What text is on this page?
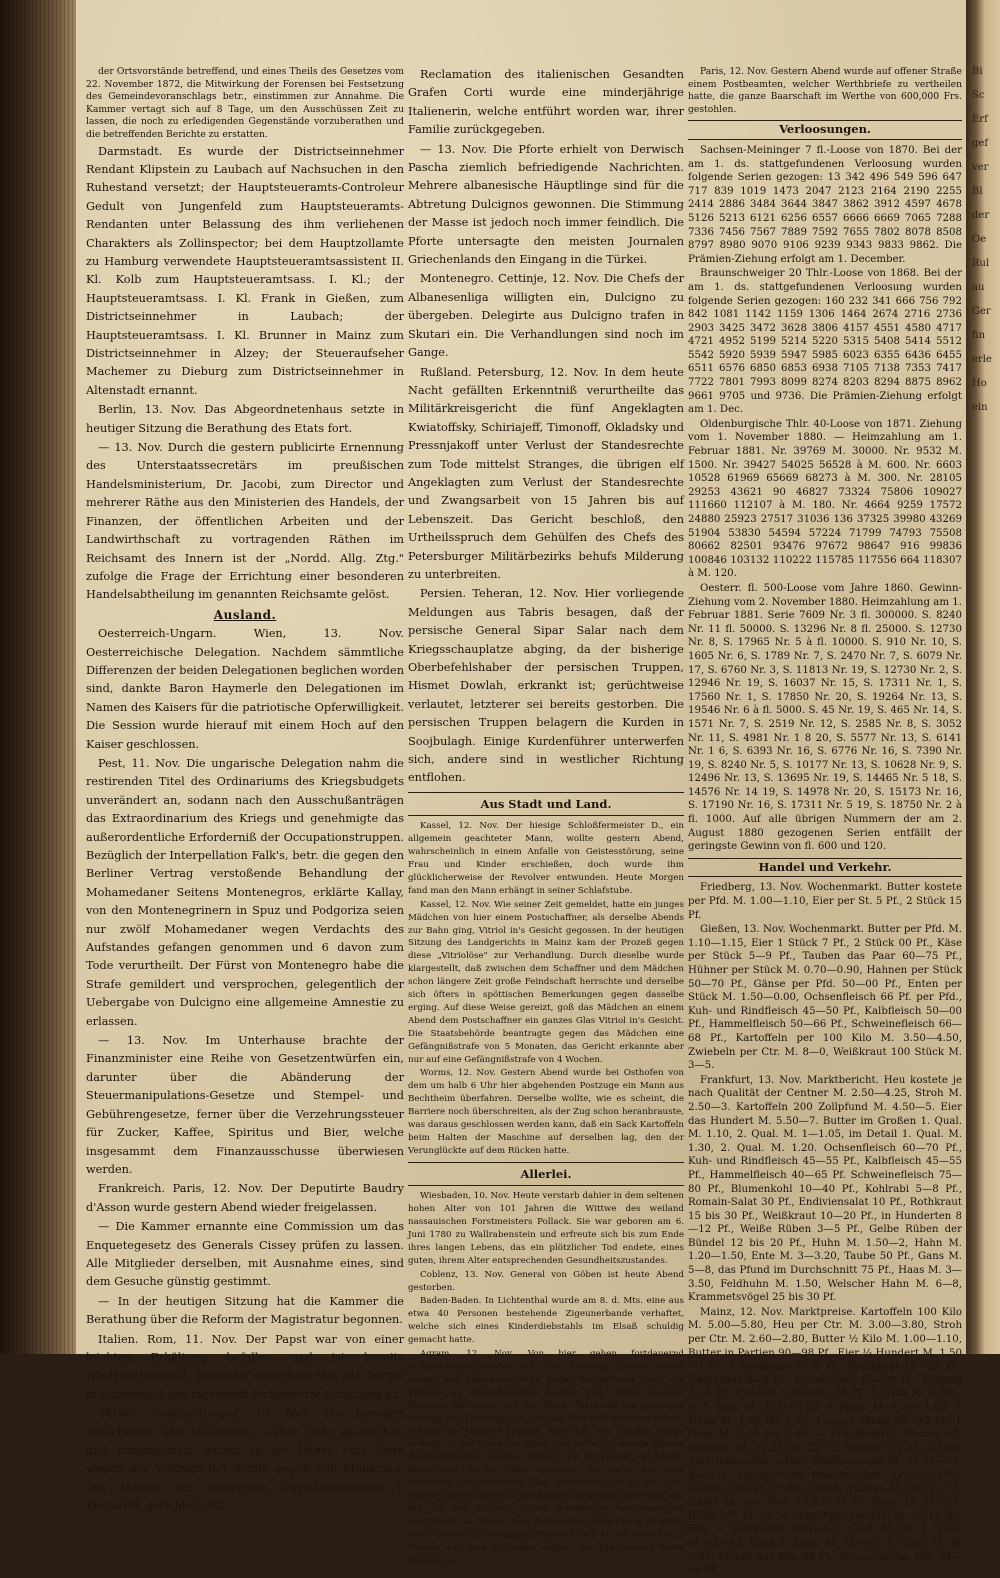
der Ortsvorstände betreffend, und eines Theils des Gesetzes vom 22. November 1872, die Mitwirkung der Forensen bei Festsetzung des Gemeindevoranschlags betr., einstimmen zur Annahme. Die Kammer vertagt sich auf 8 Tage, um den Ausschüssen Zeit zu lassen, die noch zu erledigenden Gegenstände vorzuberathen und die betreffenden Berichte zu erstatten.

Darmstadt. Es wurde der Districtseinnehmer Rendant Klipstein zu Laubach auf Nachsuchen in den Ruhestand versetzt; der Hauptsteueramts-Controleur Gedult von Jungenfeld zum Hauptsteueramts-Rendanten unter Belassung des ihm verliehenen Charakters als Zollinspector; bei dem Hauptzollamte zu Hamburg verwendete Hauptsteueramtsassistent II. Kl. Kolb zum Hauptsteueramtsass. I. Kl.; der Hauptsteueramtsass. I. Kl. Frank in Gießen, zum Districtseinnehmer in Laubach; der Hauptsteueramtsass. I. Kl. Brunner in Mainz zum Districtseinnehmer in Alzey; der Steueraufseher Machemer zu Dieburg zum Districtseinnehmer in Altenstadt ernannt.

Berlin, 13. Nov. Das Abgeordnetenhaus setzte in heutiger Sitzung die Berathung des Etats fort.

— 13. Nov. Durch die gestern publicirte Ernennung des Unterstaatssecretärs im preußischen Handelsministerium, Dr. Jacobi, zum Director und mehrerer Räthe aus den Ministerien des Handels, der Finanzen, der öffentlichen Arbeiten und der Landwirthschaft zu vortragenden Räthen im Reichsamt des Innern ist der „Nordd. Allg. Ztg." zufolge die Frage der Errichtung einer besonderen Handelsabtheilung im genannten Reichsamte gelöst.

Ausland.

Oesterreich-Ungarn. Wien, 13. Nov. Oesterreichische Delegation. Nachdem sämmtliche Differenzen der beiden Delegationen beglichen worden sind, dankte Baron Haymerle den Delegationen im Namen des Kaisers für die patriotische Opferwilligkeit. Die Session wurde hierauf mit einem Hoch auf den Kaiser geschlossen.

Pest, 11. Nov. Die ungarische Delegation nahm die restirenden Titel des Ordinariums des Kriegsbudgets unverändert an, sodann nach den Ausschußanträgen das Extraordinarium des Kriegs und genehmigte das außerordentliche Erforderniß der Occupationstruppen. Bezüglich der Interpellation Falk's, betr. die gegen den Berliner Vertrag verstoßende Behandlung der Mohamedaner Seitens Montenegros, erklärte Kallay, von den Montenegrinern in Spuz und Podgoriza seien nur zwölf Mohamedaner wegen Verdachts des Aufstandes gefangen genommen und 6 davon zum Tode verurtheilt. Der Fürst von Montenegro habe die Strafe gemildert und versprochen, gelegentlich der Uebergabe von Dulcigno eine allgemeine Amnestie zu erlassen.

— 13. Nov. Im Unterhause brachte der Finanzminister eine Reihe von Gesetzentwürfen ein, darunter über die Abänderung der Steuermanipulations-Gesetze und Stempel- und Gebührengesetze, ferner über die Verzehrungssteuer für Zucker, Kaffee, Spiritus und Bier, welche insgesammt dem Finanzausschusse überwiesen werden.

Frankreich. Paris, 12. Nov. Der Deputirte Baudry d'Asson wurde gestern Abend wieder freigelassen.

— Die Kammer ernannte eine Commission um das Enquetegesetz des Generals Cissey prüfen zu lassen. Alle Mitglieder derselben, mit Ausnahme eines, sind dem Gesuche günstig gestimmt.

— In der heutigen Sitzung hat die Kammer die Berathung über die Reform der Magistratur begonnen.

Italien. Rom, 11. Nov. Der Papst war von einer leichten Erkältung befallen und ist bereits wiederhergestellt. Indessen empfehlen ihm die Aerzte in Anbetracht der Jahreszeit fortgesetzte Schonung an.

Türkei. Constantinopel, 13. Nov. Die hiesigen Botschafter und Gesandten, außer dem spanischen und rumänischen, haben an die Pforte eine Note wegen des Vollzugs der Strafe gegen Veli Mohamed, den Mörder des russischen Oberstlieutenants v. Komaroff, gerichtet. Auf

Reclamation des italienischen Gesandten Grafen Corti wurde eine minderjährige Italienerin, welche entführt worden war, ihrer Familie zurückgegeben.

— 13. Nov. Die Pforte erhielt von Derwisch Pascha ziemlich befriedigende Nachrichten. Mehrere albanesische Häuptlinge sind für die Abtretung Dulcignos gewonnen. Die Stimmung der Masse ist jedoch noch immer feindlich. Die Pforte untersagte den meisten Journalen Griechenlands den Eingang in die Türkei.

Montenegro. Cettinje, 12. Nov. Die Chefs der Albanesenliga willigten ein, Dulcigno zu übergeben. Delegirte aus Dulcigno trafen in Skutari ein. Die Verhandlungen sind noch im Gange.

Rußland. Petersburg, 12. Nov. In dem heute Nacht gefällten Erkenntniß verurtheilte das Militärkreisgericht die fünf Angeklagten Kwiatoffsky, Schiriajeff, Timonoff, Okladsky und Pressnjakoff unter Verlust der Standesrechte zum Tode mittelst Stranges, die übrigen elf Angeklagten zum Verlust der Standesrechte und Zwangsarbeit von 15 Jahren bis auf Lebenszeit. Das Gericht beschloß, den Urtheilsspruch dem Gehülfen des Chefs des Petersburger Militärbezirks behufs Milderung zu unterbreiten.

Persien. Teheran, 12. Nov. Hier vorliegende Meldungen aus Tabris besagen, daß der persische General Sipar Salar nach dem Kriegsschauplatze abging, da der bisherige Oberbefehlshaber der persischen Truppen, Hismet Dowlah, erkrankt ist; gerüchtweise verlautet, letzterer sei bereits gestorben. Die persischen Truppen belagern die Kurden in Soojbulagh. Einige Kurdenführer unterwerfen sich, andere sind in westlicher Richtung entflohen.

Aus Stadt und Land.

Kassel, 12. Nov. Der hiesige Schloßfermeister D., ein allgemein geachteter Mann, wollte gestern Abend, wahrscheinlich in einem Anfalle von Geistesstörung, seine Frau und Kinder erschießen, doch wurde ihm glücklicherweise der Revolver entwunden. Heute Morgen fand man den Mann erhängt in seiner Schlafstube.

Kassel, 12. Nov. Wie seiner Zeit gemeldet, hatte ein junges Mädchen von hier einem Postschaffner, als derselbe Abends zur Bahn ging, Vitriol in's Gesicht gegossen. In der heutigen Sitzung des Landgerichts in Mainz kam der Prozeß gegen diese „Vitriolöse" zur Verhandlung. Durch dieselbe wurde klargestellt, daß zwischen dem Schaffner und dem Mädchen schon längere Zeit große Feindschaft herrschte und derselbe sich öfters in spöttischen Bemerkungen gegen dasselbe erging. Auf diese Weise gereizt, goß das Mädchen an einem Abend dem Postschaffner ein ganzes Glas Vitriol in's Gesicht. Die Staatsbehörde beantragte gegen das Mädchen eine Gefängnißstrafe von 5 Monaten, das Gericht erkannte aber nur auf eine Gefängnißstrafe von 4 Wochen.

Worms, 12. Nov. Gestern Abend wurde bei Osthofen von dem um halb 6 Uhr hier abgehenden Postzuge ein Mann aus Bechtheim überfahren. Derselbe wollte, wie es scheint, die Barriere noch überschreiten, als der Zug schon heranbrauste, was daraus geschlossen werden kann, daß ein Sack Kartoffeln beim Halten der Maschine auf derselben lag, den der Verunglückte auf dem Rücken hatte.

Allerlei.

Wiesbaden, 10. Nov. Heute verstarb dahier in dem seltenen hohen Alter von 101 Jahren die Wittwe des weiland nassauischen Forstmeisters Pollack. Sie war geboren am 6. Juni 1780 zu Wallrabenstein und erfreute sich bis zum Ende ihres langen Lebens, das ein plötzlicher Tod endete, eines guten, ihrem Alter entsprechenden Gesundheitszustandes.

Coblenz, 13. Nov. General von Göben ist heute Abend gestorben.

Baden-Baden. In Lichtenthal wurde am 8. d. Mts. eine aus etwa 40 Personen bestehende Zigeunerbande verhaftet, welche sich eines Kinderdiebstahls im Elsaß schuldig gemacht hatte.

Agram, 12. Nov. Von hier gehen fortdauernd Schreckensnachrichten ein. Die Erdstöße treten immer wieder auf, Häusereinstürze finden fortwährend statt, die Verluste an Menschenleben mehren sich. Ueber tausend Familien flüchteten aus der Stadt. Während der gestrigen Sitzung des Landtages, in der das Protokoll verlesen wurde, erfolgte der stärkste Erdstoß. Alles floh. Der Landtag wurde vertagt. In der Nähe der Stadt sind heiße, stinkende Wasser durchgebrochen, welche, ähnlich, wie die Geyser auf Island, klafterhoch in die Höhe springen. Die dabei aus dem Erdinnern ausgestoßenen Gase entzünden sich an der Luft. Warme Quellen treten in der ganzen Umgebung der Stadt auf. Bei Jan und Trebisco sollen lawinartige Ausströmungen stattfinden. In Sevete fand heute eine vulkanische Eruption statt. Dichtes, schlammiges Wasser schoß in der Höhe von 2 Metern aus dem Erdboden empor. Die Erscheinung hörte Mittags auf.

Paris, 12. Nov. Gestern Abend wurde auf offener Straße einem Postbeamten, welcher Werthbriefe zu vertheilen hatte, die ganze Baarschaft im Werthe von 600,000 Frs. gestohlen.

Verloosungen.

Sachsen-Meininger 7 fl.-Loose von 1870. Bei der am 1. ds. stattgefundenen Verloosung wurden folgende Serien gezogen: 13 342 496 549 596 647 717 839 1019 1473 2047 2123 2164 2190 2255 2414 2886 3484 3644 3847 3862 3912 4597 4678 5126 5213 6121 6256 6557 6666 6669 7065 7288 7336 7456 7567 7889 7592 7655 7802 8078 8508 8797 8980 9070 9106 9239 9343 9833 9862. Die Prämien-Ziehung erfolgt am 1. December.

Braunschweiger 20 Thlr.-Loose von 1868. Bei der am 1. ds. stattgefundenen Verloosung wurden folgende Serien gezogen: 160 232 341 666 756 792 842 1081 1142 1159 1306 1464 2674 2716 2736 2903 3425 3472 3628 3806 4157 4551 4580 4717 4721 4952 5199 5214 5220 5315 5408 5414 5512 5542 5920 5939 5947 5985 6023 6355 6436 6455 6511 6576 6850 6853 6938 7105 7138 7353 7417 7722 7801 7993 8099 8274 8203 8294 8875 8962 9661 9705 und 9736. Die Prämien-Ziehung erfolgt am 1. Dec.

Oldenburgische Thlr. 40-Loose von 1871. Ziehung vom 1. November 1880. — Heimzahlung am 1. Februar 1881. Nr. 39769 M. 30000. Nr. 9532 M. 1500. Nr. 39427 54025 56528 à M. 600. Nr. 6603 10528 61969 65669 68273 à M. 300. Nr. 28105 29253 43621 90 46827 73324 75806 109027 111660 112107 à M. 180. Nr. 4664 9259 17572 24880 25923 27517 31036 136 37325 39980 43269 51904 53830 54594 57224 71799 74793 75508 80662 82501 93476 97672 98647 916 99836 100846 103132 110222 115785 117556 664 118307 à M. 120.

Oesterr. fl. 500-Loose vom Jahre 1860. Gewinn-Ziehung vom 2. November 1880. Heimzahlung am 1. Februar 1881. Serie 7609 Nr. 3 fl. 300000. S. 8240 Nr. 11 fl. 50000. S. 13296 Nr. 8 fl. 25000. S. 12730 Nr. 8, S. 17965 Nr. 5 à fl. 10000. S. 910 Nr. 10, S. 1605 Nr. 6, S. 1789 Nr. 7, S. 2470 Nr. 7, S. 6079 Nr. 17, S. 6760 Nr. 3, S. 11813 Nr. 19, S. 12730 Nr. 2, S. 12946 Nr. 19, S. 16037 Nr. 15, S. 17311 Nr. 1, S. 17560 Nr. 1, S. 17850 Nr. 20, S. 19264 Nr. 13, S. 19546 Nr. 6 à fl. 5000. S. 45 Nr. 19, S. 465 Nr. 14, S. 1571 Nr. 7, S. 2519 Nr. 12, S. 2585 Nr. 8, S. 3052 Nr. 11, S. 4981 Nr. 1 8 20, S. 5577 Nr. 13, S. 6141 Nr. 1 6, S. 6393 Nr. 16, S. 6776 Nr. 16, S. 7390 Nr. 19, S. 8240 Nr. 5, S. 10177 Nr. 13, S. 10628 Nr. 9, S. 12496 Nr. 13, S. 13695 Nr. 19, S. 14465 Nr. 5 18, S. 14576 Nr. 14 19, S. 14978 Nr. 20, S. 15173 Nr. 16, S. 17190 Nr. 16, S. 17311 Nr. 5 19, S. 18750 Nr. 2 à fl. 1000. Auf alle übrigen Nummern der am 2. August 1880 gezogenen Serien entfällt der geringste Gewinn von fl. 600 und 120.

Handel und Verkehr.

Friedberg, 13. Nov. Wochenmarkt. Butter kostete per Pfd. M. 1.00—1.10, Eier per St. 5 Pf., 2 Stück 15 Pf.

Gießen, 13. Nov. Wochenmarkt. Butter per Pfd. M. 1.10—1.15, Eier 1 Stück 7 Pf., 2 Stück 00 Pf., Käse per Stück 5—9 Pf., Tauben das Paar 60—75 Pf., Hühner per Stück M. 0.70—0.90, Hahnen per Stück 50—70 Pf., Gänse per Pfd. 50—00 Pf., Enten per Stück M. 1.50—0.00, Ochsenfleisch 66 Pf. per Pfd., Kuh- und Rindfleisch 45—50 Pf., Kalbfleisch 50—00 Pf., Hammelfleisch 50—66 Pf., Schweinefleisch 66—68 Pf., Kartoffeln per 100 Kilo M. 3.50—4.50, Zwiebeln per Ctr. M. 8—0, Weißkraut 100 Stück M. 3—5.

Frankfurt, 13. Nov. Marktbericht. Heu kostete je nach Qualität der Centner M. 2.50—4.25, Stroh M. 2.50—3. Kartoffeln 200 Zollpfund M. 4.50—5. Eier das Hundert M. 5.50—7. Butter im Großen 1. Qual. M. 1.10, 2. Qual. M. 1—1.05, im Detail 1. Qual. M. 1.30, 2. Qual. M. 1.20. Ochsenfleisch 60—70 Pf., Kuh- und Rindfleisch 45—55 Pf., Kalbfleisch 45—55 Pf., Hammelfleisch 40—65 Pf. Schweinefleisch 75—80 Pf., Blumenkohl 10—40 Pf., Kohlrabi 5—8 Pf., Romain-Salat 30 Pf., Endiviensalat 10 Pf., Rothkraut 15 bis 30 Pf., Weißkraut 10—20 Pf., in Hunderten 8—12 Pf., Weiße Rüben 3—5 Pf., Gelbe Rüben der Bündel 12 bis 20 Pf., Huhn M. 1.50—2, Hahn M. 1.20—1.50, Ente M. 3—3.20, Taube 50 Pf., Gans M. 5—8, das Pfund im Durchschnitt 75 Pf., Haas M. 3—3.50, Feldhuhn M. 1.50, Welscher Hahn M. 6—8, Krammetsvögel 25 bis 30 Pf.

Mainz, 12. Nov. Marktpreise. Kartoffeln 100 Kilo M. 5.00—5.80, Heu per Ctr. M. 3.00—3.80, Stroh per Ctr. M. 2.60—2.80, Butter ½ Kilo M. 1.00—1.10, Butter in Partien 90—98 Pf., Eier ¼ Hundert M. 1.50—1.70, 1 Handkäse 6—8 Pf., Rothkraut 18—25 Pf., Weißkraut 6—8 Pf., Blumenkohl 15—20 Pf., Wirsing 3—4 Pf., Zwiebel ½ Kilo 8—10 Pf., 1 Gans M. 4.00—6, 1 Ente M. 2.00—2.20, 1 Hahn M. 1.20—1.80, 1 Huhn M. 1.00 bis 1.30, 1 junge Taube 35—45 Pf., 1 Hase M. 3.50 bis 3.60. — Fruchtmarkt. Waizen eff. hiesiger, M. 22.25 bis 22.75, fremder 22.25—23.00, Amerikanischer rother Winterwaizen M. 23.50—24, Roggen, hiesiger und französischer, 22.00—22.40, Gerste, pfälzer, 17.80—18.60, franken M. 18.25—75, Hafer eff. per Nov. 13.75—14.50, Reps M. 27—28, Rüböl eff. M. 29.20 ohne Faß, per Mai M. 30.10 mit Faß. — Viehmarkt. Ochsen 1. Qual. M. 68, 2. Qual. M. 62—65, Kühe 1. Qual. M. 62—65, 2. Qual. M. 48—54, Kälber das Pfd. 60 Pf., Schweine das Pfd. 54—64 Pf.

Bi
Sc
Erf
gef
ver
Bl
der
Oe
Rul
au
Ger
fin
erle
Ho
ein
